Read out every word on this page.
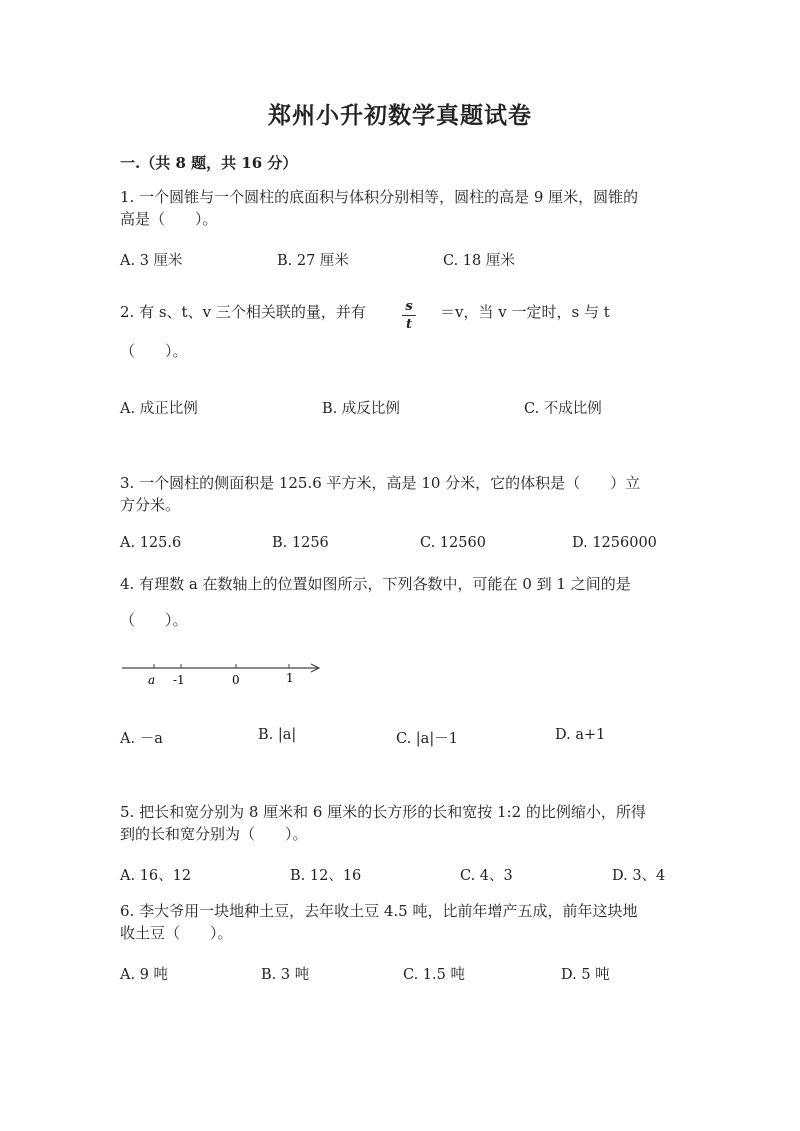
郑州小升初数学真题试卷
一.（共 8 题，共 16 分）
1. 一个圆锥与一个圆柱的底面积与体积分别相等，圆柱的高是 9 厘米，圆锥的
高是（　　）。
A. 3 厘米	B. 27 厘米	C. 18 厘米
2. 有 s、t、v 三个相关联的量，并有	s
t
＝v，当 v 一定时，s 与 t
（　　）。
A. 成正比例	B. 成反比例	C. 不成比例
3. 一个圆柱的侧面积是 125.6 平方米，高是 10 分米，它的体积是（　　）立
方分米。
A. 125.6	B. 1256	C. 12560	D. 1256000
4. 有理数 a 在数轴上的位置如图所示，下列各数中，可能在 0 到 1 之间的是
（　　）。
a -1	0	1
A. －a	B. |a|	C. |a|－1	D. a+1
5. 把长和宽分别为 8 厘米和 6 厘米的长方形的长和宽按 1:2 的比例缩小，所得
到的长和宽分别为（　　）。
A. 16、12	B. 12、16	C. 4、3	D. 3、4
6. 李大爷用一块地种土豆，去年收土豆 4.5 吨，比前年增产五成，前年这块地
收土豆（　　）。
A. 9 吨	B. 3 吨	C. 1.5 吨	D. 5 吨
